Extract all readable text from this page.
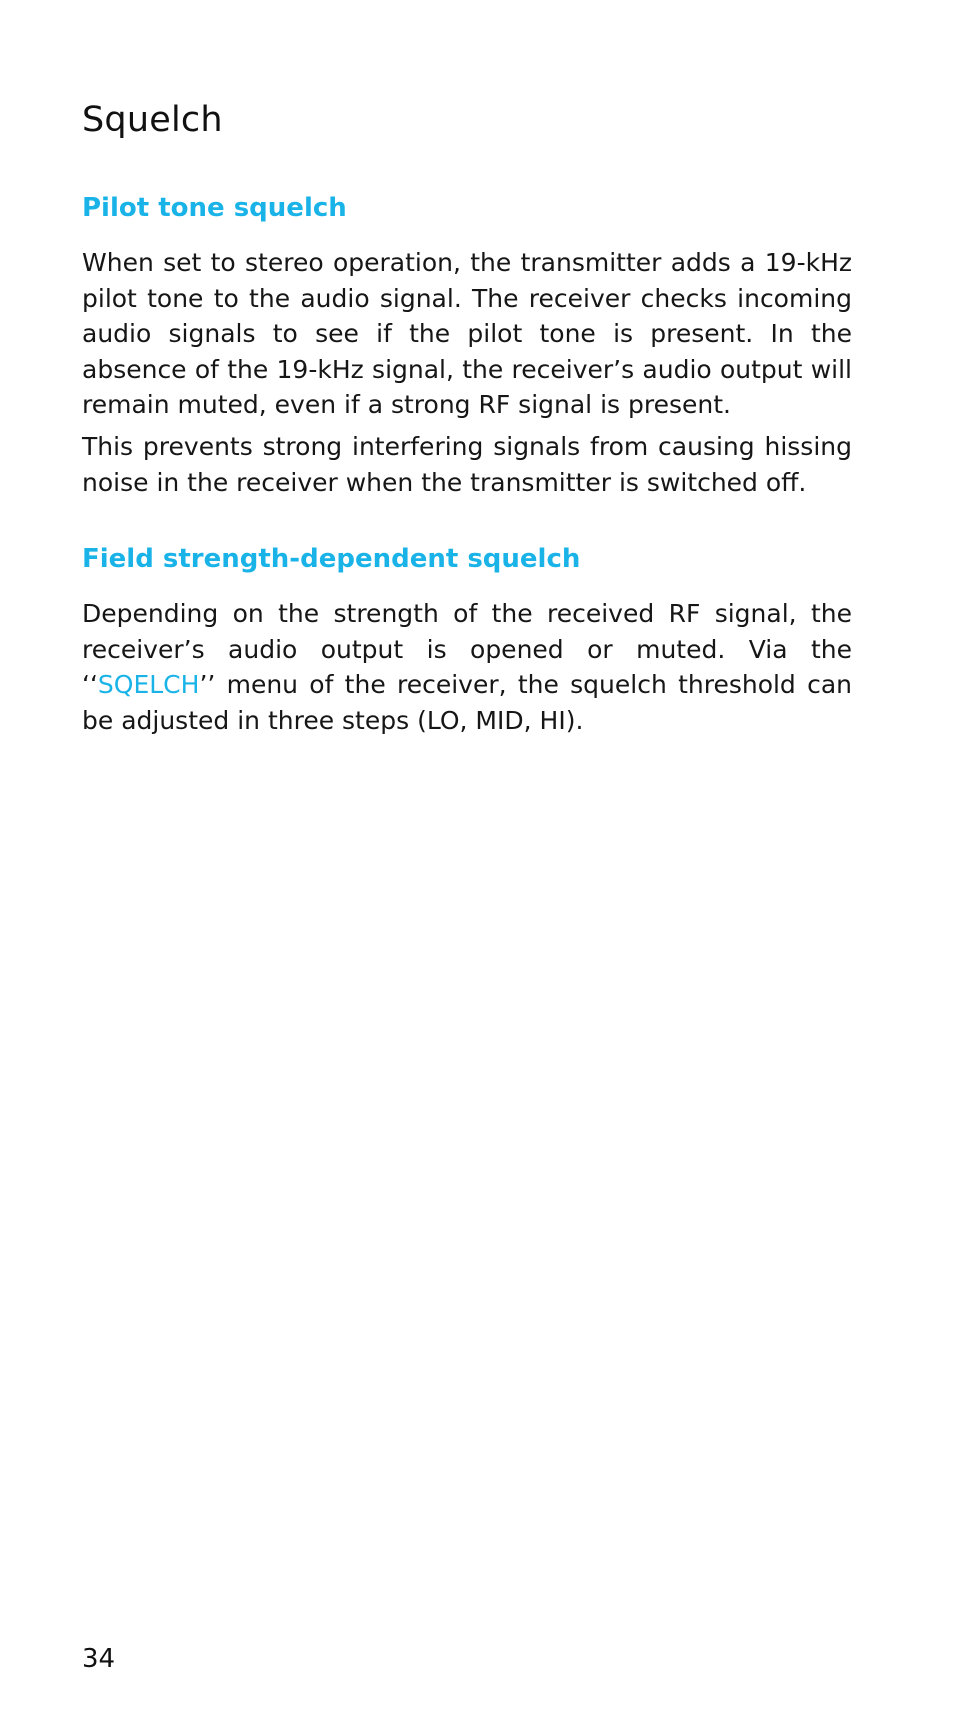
Squelch
Pilot tone squelch

When set to stereo operation, the transmitter adds a 19-kHz pilot tone to the audio signal. The receiver checks incoming audio signals to see if the pilot tone is present. In the absence of the 19-kHz signal, the receiver’s audio output will remain muted, even if a strong RF signal is present.

This prevents strong interfering signals from causing hissing noise in the receiver when the transmitter is switched off.

Field strength-dependent squelch

Depending on the strength of the received RF signal, the receiver’s audio output is opened or muted. Via the ‘‘SQELCH’’ menu of the receiver, the squelch threshold can be adjusted in three steps (LO, MID, HI).

34
